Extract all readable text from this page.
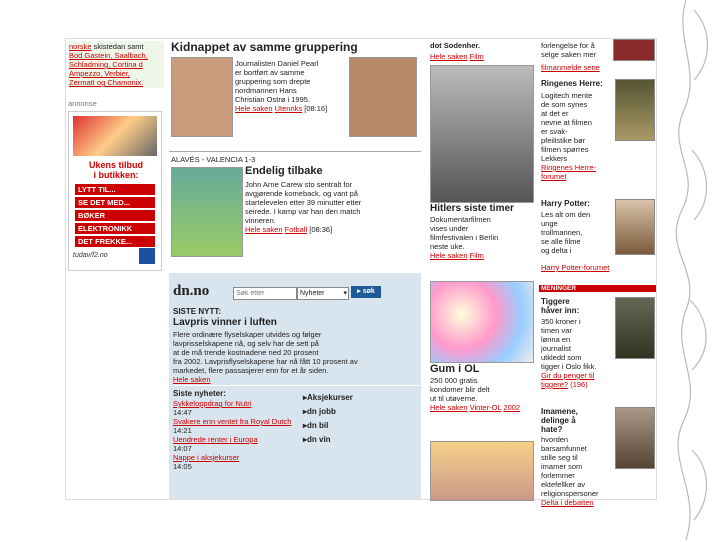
norske skistedan samt
Bod Gastein, Saalbach,
Schladming, Cortina d
Ampezzo, Verbier,
Zermatt og Chamonix.
annonse
Ukens tilbud
i butikken:
LYTT TIL...
SE DET MED...
BØKER
ELEKTRONIKK
DET FREKKE...
tudav/f2.no
Kidnappet av samme gruppering
Journalisten Daniel Pearl
er bortført av samme
gruppering som drepte
nordmannen Hans
Christian Ostrø i 1995.
Hele saken Utenriks [08:16]
ALAVÉS - VALENCIA 1-3
Endelig tilbake
John Arne Carew sto sentralt for
avgjørende komeback, og vant på
startelevelen etter 39 minutter etter
seirede. I kamp var han den match
vinneren.
Hele saken Fotball [08:36]
dn.no
Søk etter	Nyheter	▾	▸ søk
SISTE NYTT:
Lavpris vinner i luften
Flere ordinære flyselskaper utvides og følger
lavprisselskapene nå, og selv har de sett på
at de må trende kostnadene ned 20 prosent
fra 2002. Lavprisflyselskapene har nå fått 10 prosent av
markedet, flere passasjerer enn for et år siden.
Hele saken
Siste nyheter:
Sykkeloppdrag for Nutri
14:47
Svakere enn ventet fra Royal Dutch
14:21
Uendrede renter i Europa
14:07
Nappe i aksjekurser
14:05
▸Aksjekurser
▸dn jobb
▸dn bil
▸dn vin
dot Sodenher.
Hele saken Film
Hitlers siste timer
Dokumentarfilmen
vises under
filmfestivalen i Berlin
neste uke.
Hele saken Film
Gum i OL
250 000 gratis
kondomer blir delt
ut til utøverne.
Hele saken Vinter-OL 2002
forlengelse for å selge saken mer
filmanmelde sene
Ringenes Herre:
Logitech mente
de som synes
at det er
nevne at filmen
er svak-
pfeilistike bør
filmen spørres
Lekkers
Ringenes Herre-forumet
Harry Potter:
Les alt om den
unge
trollmannen,
se alle filme
og delta i
Harry Potter-forumet
MENINGER
Tiggere
håver inn:
350 kroner i
timen var
lønna en
journalist
utkledd som
tigger i Oslo fikk.
Gir du penger til tiggere? (196)
Imamene,
delinge å
hate?
hvorden
barsamfunnet
stille seg til
imamer som
forlemmer
ektefellker av
religionspersoner
Delta i debatten
